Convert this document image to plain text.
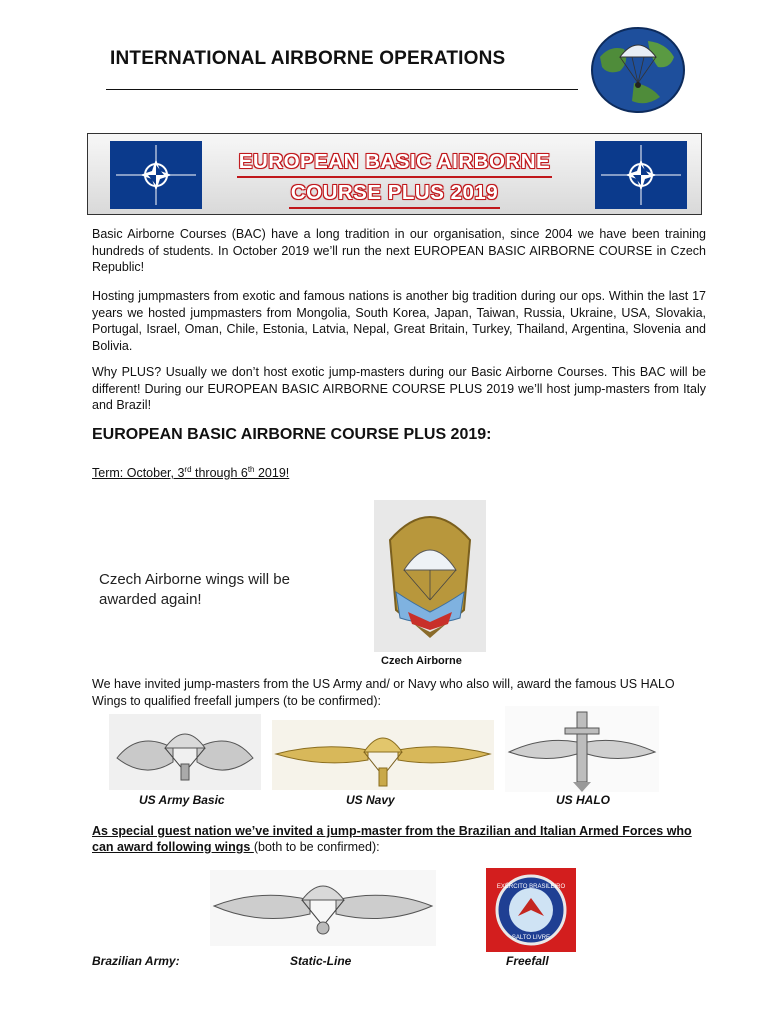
INTERNATIONAL AIRBORNE OPERATIONS
EUROPEAN BASIC AIRBORNE
COURSE PLUS 2019
Basic Airborne Courses (BAC) have a long tradition in our organisation, since 2004 we have been training hundreds of students. In October 2019 we’ll run the next EUROPEAN BASIC AIRBORNE COURSE in Czech Republic!
Hosting jumpmasters from exotic and famous nations is another big tradition during our ops. Within the last 17 years we hosted jumpmasters from Mongolia, South Korea, Japan, Taiwan, Russia, Ukraine, USA, Slovakia, Portugal, Israel, Oman, Chile, Estonia, Latvia, Nepal, Great Britain, Turkey, Thailand, Argentina, Slovenia and Bolivia.
Why PLUS? Usually we don’t host exotic jump-masters during our Basic Airborne Courses. This BAC will be different! During our EUROPEAN BASIC AIRBORNE COURSE PLUS 2019 we’ll host jump-masters from Italy and Brazil!
EUROPEAN BASIC AIRBORNE COURSE PLUS 2019:
Term: October, 3rd through 6th 2019!
Czech Airborne wings will be
awarded again!
Czech Airborne
We have invited jump-masters from the US Army and/ or Navy who also will, award the famous US HALO Wings to qualified freefall jumpers (to be confirmed):
US Army Basic	US Navy	US HALO
As special guest nation we’ve invited a jump-master from the Brazilian and Italian Armed Forces who can award following wings (both to be confirmed):
EXÉRCITO BRASILEIRO
SALTO LIVRE
Brazilian Army:	Static-Line	Freefall
